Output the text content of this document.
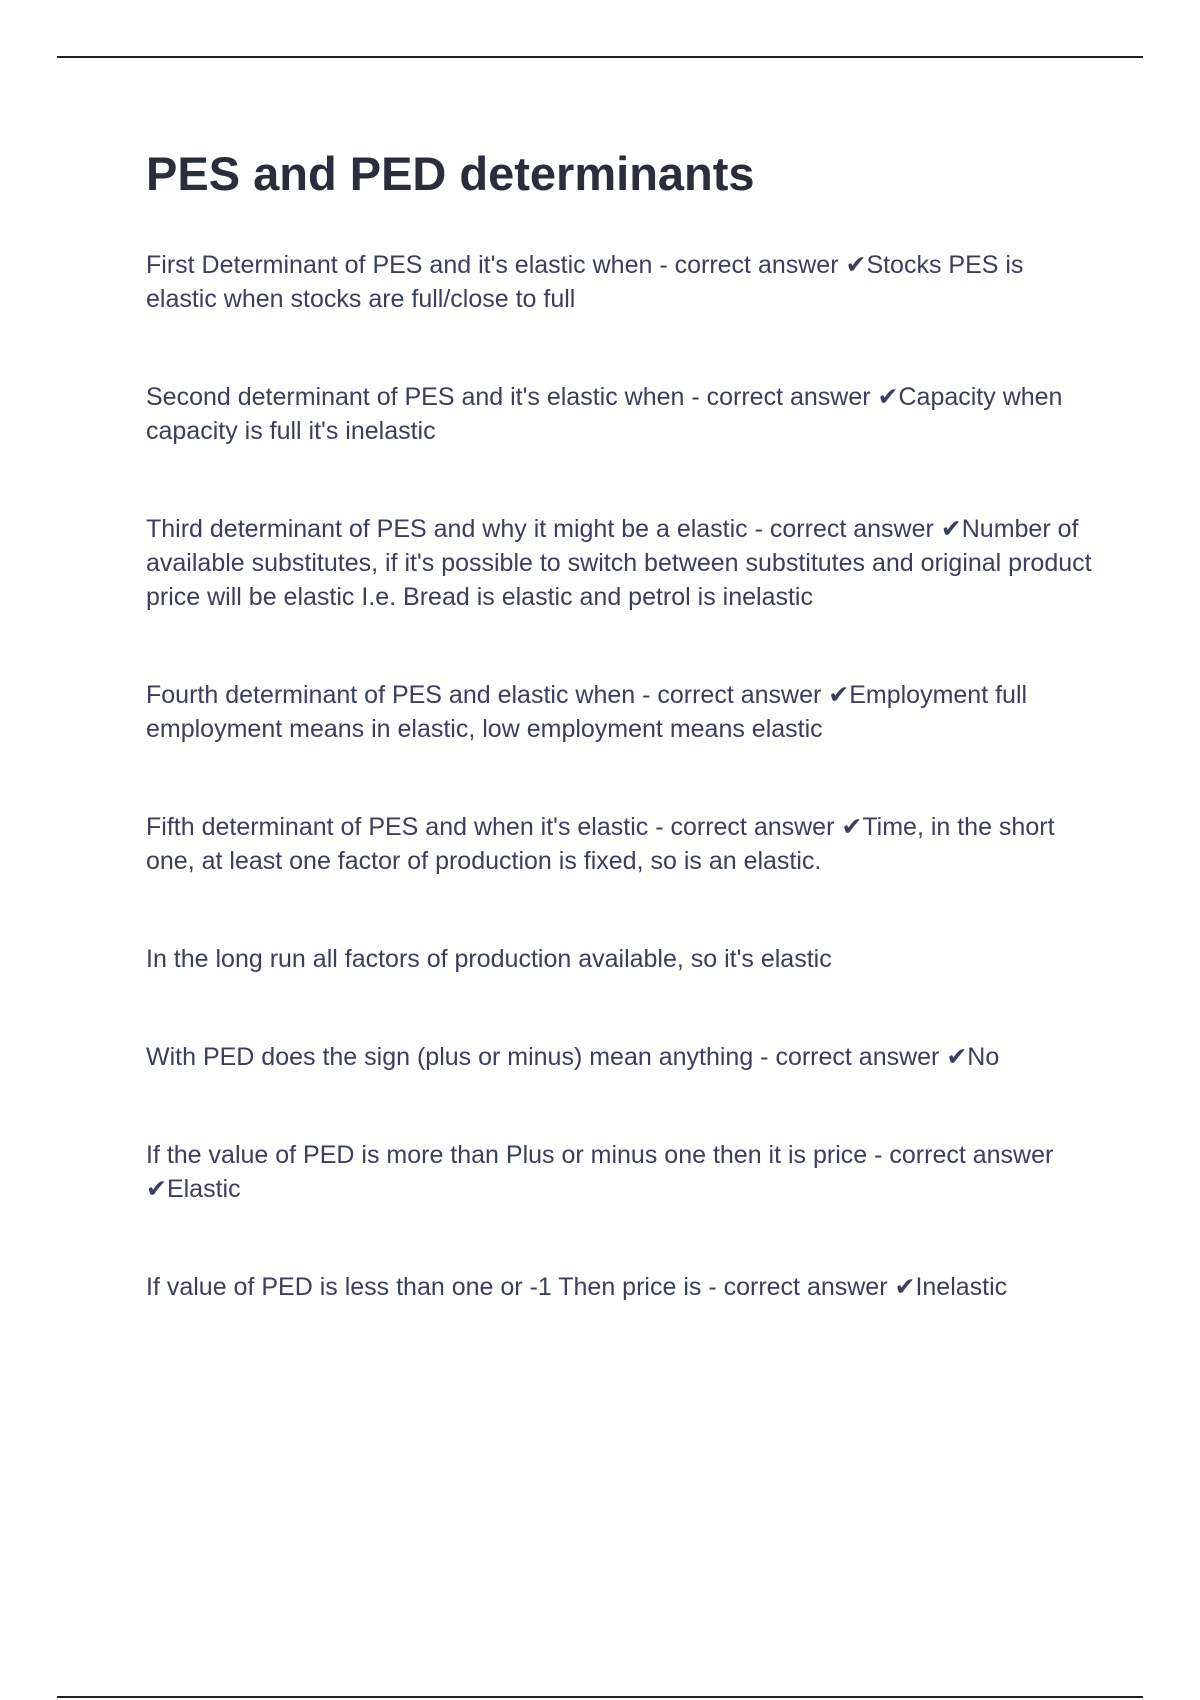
PES and PED determinants
First Determinant of PES and it's elastic when - correct answer ✔Stocks PES is elastic when stocks are full/close to full
Second determinant of PES and it's elastic when - correct answer ✔Capacity when capacity is full it's inelastic
Third determinant of PES and why it might be a elastic - correct answer ✔Number of available substitutes, if it's possible to switch between substitutes and original product price will be elastic I.e. Bread is elastic and petrol is inelastic
Fourth determinant of PES and elastic when - correct answer ✔Employment full employment means in elastic, low employment means elastic
Fifth determinant of PES and when it's elastic - correct answer ✔Time, in the short one, at least one factor of production is fixed, so is an elastic.
In the long run all factors of production available, so it's elastic
With PED does the sign (plus or minus) mean anything - correct answer ✔No
If the value of PED is more than Plus or minus one then it is price - correct answer ✔Elastic
If value of PED is less than one or -1 Then price is - correct answer ✔Inelastic
